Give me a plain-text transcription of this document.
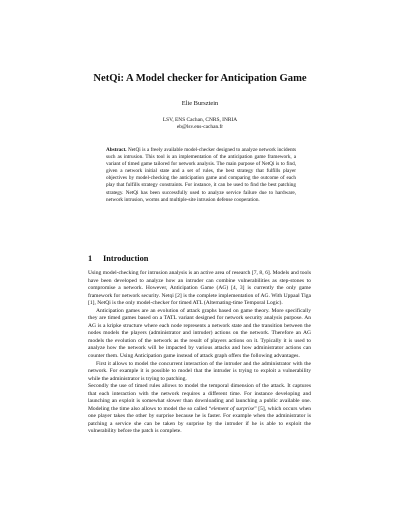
NetQi: A Model checker for Anticipation Game
Elie Bursztein
LSV, ENS Cachan, CNRS, INRIA
eb@lsv.ens-cachan.fr
Abstract. NetQi is a freely available model-checker designed to analyze network incidents such as intrusion. This tool is an implementation of the anticipation game framework, a variant of timed game tailored for network analysis. The main purpose of NetQi is to find, given a network initial state and a set of rules, the best strategy that fulfills player objectives by model-checking the anticipation game and comparing the outcome of each play that fulfills strategy constraints. For instance, it can be used to find the best patching strategy. NetQi has been successfully used to analyze service failure due to hardware, network intrusion, worms and multiple-site intrusion defense cooperation.
1 Introduction

Using model-checking for intrusion analysis is an active area of research [7, 8, 6]. Models and tools have been developed to analyze how an intruder can combine vulnerabilities as step-stones to compromise a network. However, Anticipation Game (AG) [4, 3] is currently the only game framework for network security. Netqi [2] is the complete implementation of AG. With Uppaal Tiga [1], NetQi is the only model-checker for timed ATL (Alternating-time Temporal Logic).

Anticipation games are an evolution of attack graphs based on game theory. More specifically they are timed games based on a TATL variant designed for network security analysis purpose. An AG is a kripke structure where each node represents a network state and the transition between the nodes models the players (administrator and intruder) actions on the network. Therefore an AG models the evolution of the network as the result of players actions on it. Typically it is used to analyze how the network will be impacted by various attacks and how administrator actions can counter them. Using Anticipation game instead of attack graph offers the following advantages.

First it allows to model the concurrent interaction of the intruder and the administrator with the network. For example it is possible to model that the intruder is trying to exploit a vulnerability while the administrator is trying to patching.

Secondly the use of timed rules allows to model the temporal dimension of the attack. It captures that each interaction with the network requires a different time. For instance developing and launching an exploit is somewhat slower than downloading and launching a public available one. Modeling the time also allows to model the so called “element of surprise” [5], which occurs when one player takes the other by surprise because he is faster. For example when the administrator is patching a service she can be taken by surprise by the intruder if he is able to exploit the vulnerability before the patch is complete.
